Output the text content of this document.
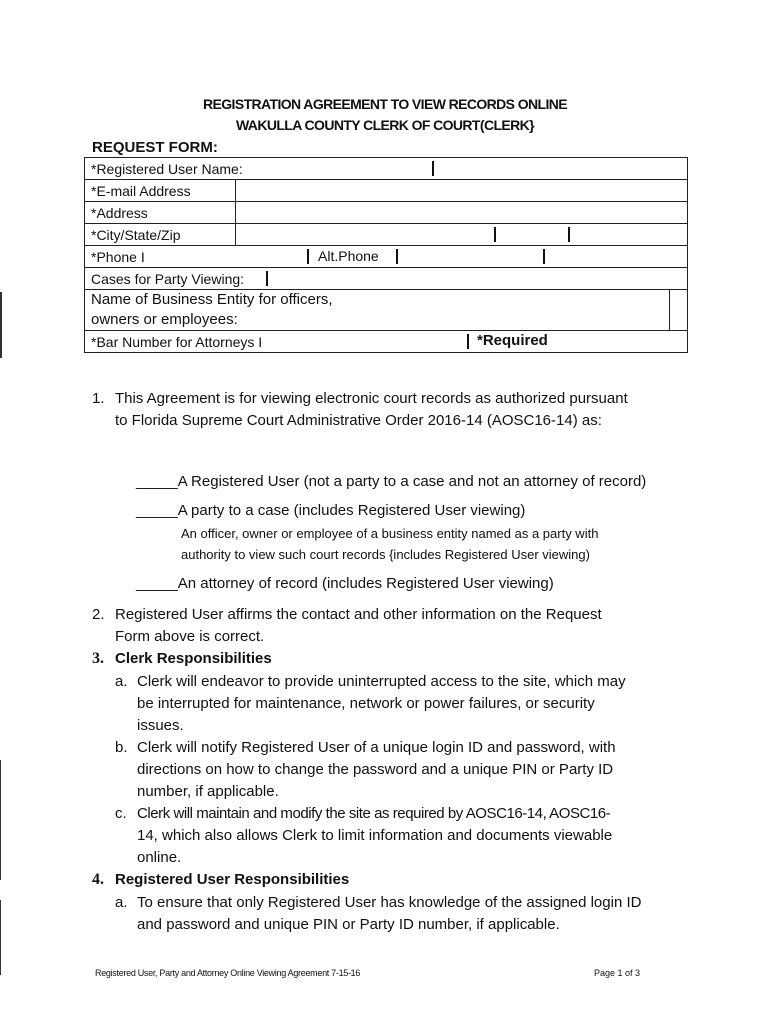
REGISTRATION AGREEMENT TO VIEW RECORDS ONLINE
WAKULLA COUNTY CLERK OF COURT(CLERK}
REQUEST FORM:
*Registered User Name:		

*E-mail Address		
*Address		
*City/State/Zip		

*Phone I Alt.Phone		

Cases for Party Viewing:		

Name of Business Entity for officers,
owners or employees:		

*Bar Number for Attorneys I *Required		
1. This Agreement is for viewing electronic court records as authorized pursuant
to Florida Supreme Court Administrative Order 2016-14 (AOSC16-14) as:
_____A Registered User (not a party to a case and not an attorney of record)
_____A party to a case (includes Registered User viewing)
An officer, owner or employee of a business entity named as a party with
authority to view such court records {includes Registered User viewing)
_____An attorney of record (includes Registered User viewing)
2. Registered User affirms the contact and other information on the Request
Form above is correct.
3. Clerk Responsibilities
a. Clerk will endeavor to provide uninterrupted access to the site, which may
be interrupted for maintenance, network or power failures, or security
issues.
b. Clerk will notify Registered User of a unique login ID and password, with
directions on how to change the password and a unique PIN or Party ID
number, if applicable.
c. Clerk will maintain and modify the site as required by AOSC16-14, AOSC16-
14, which also allows Clerk to limit information and documents viewable
online.
4. Registered User Responsibilities
a. To ensure that only Registered User has knowledge of the assigned login ID
and password and unique PIN or Party ID number, if applicable.
Registered User, Party and Attorney Online Viewing Agreement 7-15-16	Page 1 of 3
